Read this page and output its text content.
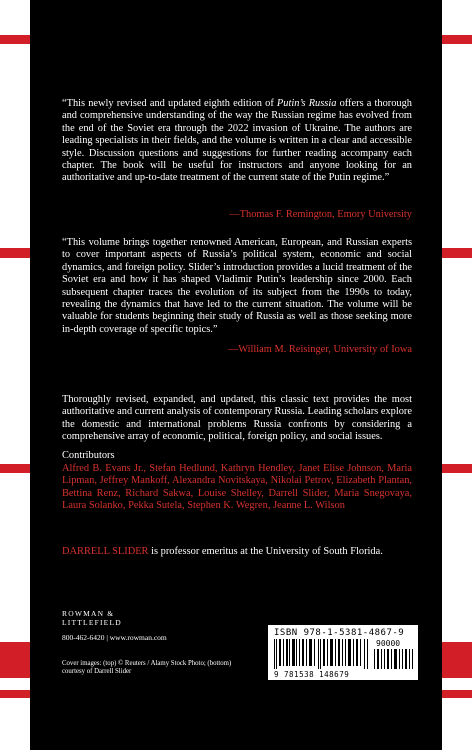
“This newly revised and updated eighth edition of Putin’s Russia offers a thorough and comprehensive understanding of the way the Russian regime has evolved from the end of the Soviet era through the 2022 invasion of Ukraine. The authors are leading specialists in their fields, and the volume is written in a clear and accessible style. Discussion questions and suggestions for further reading accompany each chapter. The book will be useful for instructors and anyone looking for an authoritative and up-to-date treatment of the current state of the Putin regime.”
—Thomas F. Remington, Emory University
“This volume brings together renowned American, European, and Russian experts to cover important aspects of Russia’s political system, economic and social dynamics, and foreign policy. Slider’s introduction provides a lucid treatment of the Soviet era and how it has shaped Vladimir Putin’s leadership since 2000. Each subsequent chapter traces the evolution of its subject from the 1990s to today, revealing the dynamics that have led to the current situation. The volume will be valuable for students beginning their study of Russia as well as those seeking more in-depth coverage of specific topics.”
—William M. Reisinger, University of Iowa
Thoroughly revised, expanded, and updated, this classic text provides the most authoritative and current analysis of contemporary Russia. Leading scholars explore the domestic and international problems Russia confronts by considering a comprehensive array of economic, political, foreign policy, and social issues.
Contributors
Alfred B. Evans Jr., Stefan Hedlund, Kathryn Hendley, Janet Elise Johnson, Maria Lipman, Jeffrey Mankoff, Alexandra Novitskaya, Nikolai Petrov, Elizabeth Plantan, Bettina Renz, Richard Sakwa, Louise Shelley, Darrell Slider, Maria Snegovaya, Laura Solanko, Pekka Sutela, Stephen K. Wegren, Jeanne L. Wilson
DARRELL SLIDER is professor emeritus at the University of South Florida.
ROWMAN &
LITTLEFIELD
800-462-6420 | www.rowman.com
Cover images: (top) © Reuters / Alamy Stock Photo; (bottom) courtesy of Darrell Slider
ISBN 978-1-5381-4867-9
90000
9 781538 148679
